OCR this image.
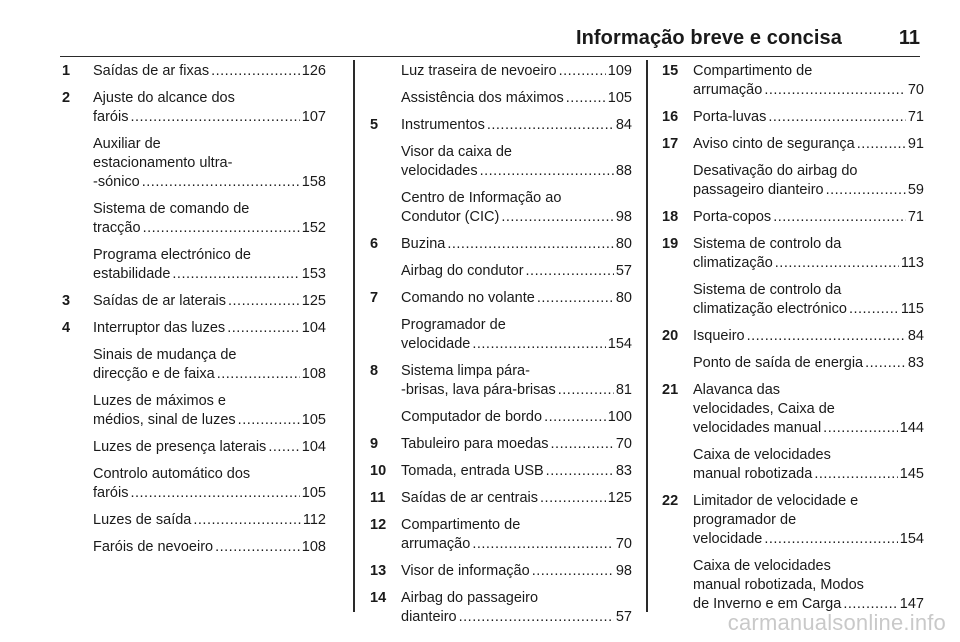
Informação breve e concisa	11
1	Saídas de ar fixas .....	126
2	Ajuste do alcance dos
faróis .....	107
Auxiliar de
estacionamento ultra-
-sónico .....	158
Sistema de comando de
tracção .....	152
Programa electrónico de
estabilidade .....	153
3	Saídas de ar laterais .....	125
4	Interruptor das luzes .....	104
Sinais de mudança de
direcção e de faixa .....	108
Luzes de máximos e
médios, sinal de luzes .....	105
Luzes de presença laterais ..... 104
Controlo automático dos
faróis .....	105
Luzes de saída .....	112
Faróis de nevoeiro .....	108
Luz traseira de nevoeiro .....	109
Assistência dos máximos .....	105
5	Instrumentos .....	84
Visor da caixa de
velocidades .....	88
Centro de Informação ao
Condutor (CIC) .....	98
6	Buzina .....	80
Airbag do condutor .....	57
7	Comando no volante .....	80
Programador de
velocidade .....	154
8	Sistema limpa pára-
-brisas, lava pára-brisas .....	81
Computador de bordo .....	100
9	Tabuleiro para moedas .....	70
10	Tomada, entrada USB .....	83
11	Saídas de ar centrais .....	125
12	Compartimento de
arrumação .....	70
13	Visor de informação .....	98
14	Airbag do passageiro
dianteiro .....	57
15	Compartimento de
arrumação .....	70
16	Porta-luvas .....	71
17	Aviso cinto de segurança .....	91
Desativação do airbag do
passageiro dianteiro .....	59
18	Porta-copos .....	71
19	Sistema de controlo da
climatização .....	113
Sistema de controlo da
climatização electrónico .....	115
20	Isqueiro .....	84
Ponto de saída de energia .....	83
21	Alavanca das
velocidades, Caixa de
velocidades manual .....	144
Caixa de velocidades
manual robotizada .....	145
22	Limitador de velocidade e
programador de
velocidade .....	154
Caixa de velocidades
manual robotizada, Modos
de Inverno e em Carga .....	147
carmanualsonline.info
